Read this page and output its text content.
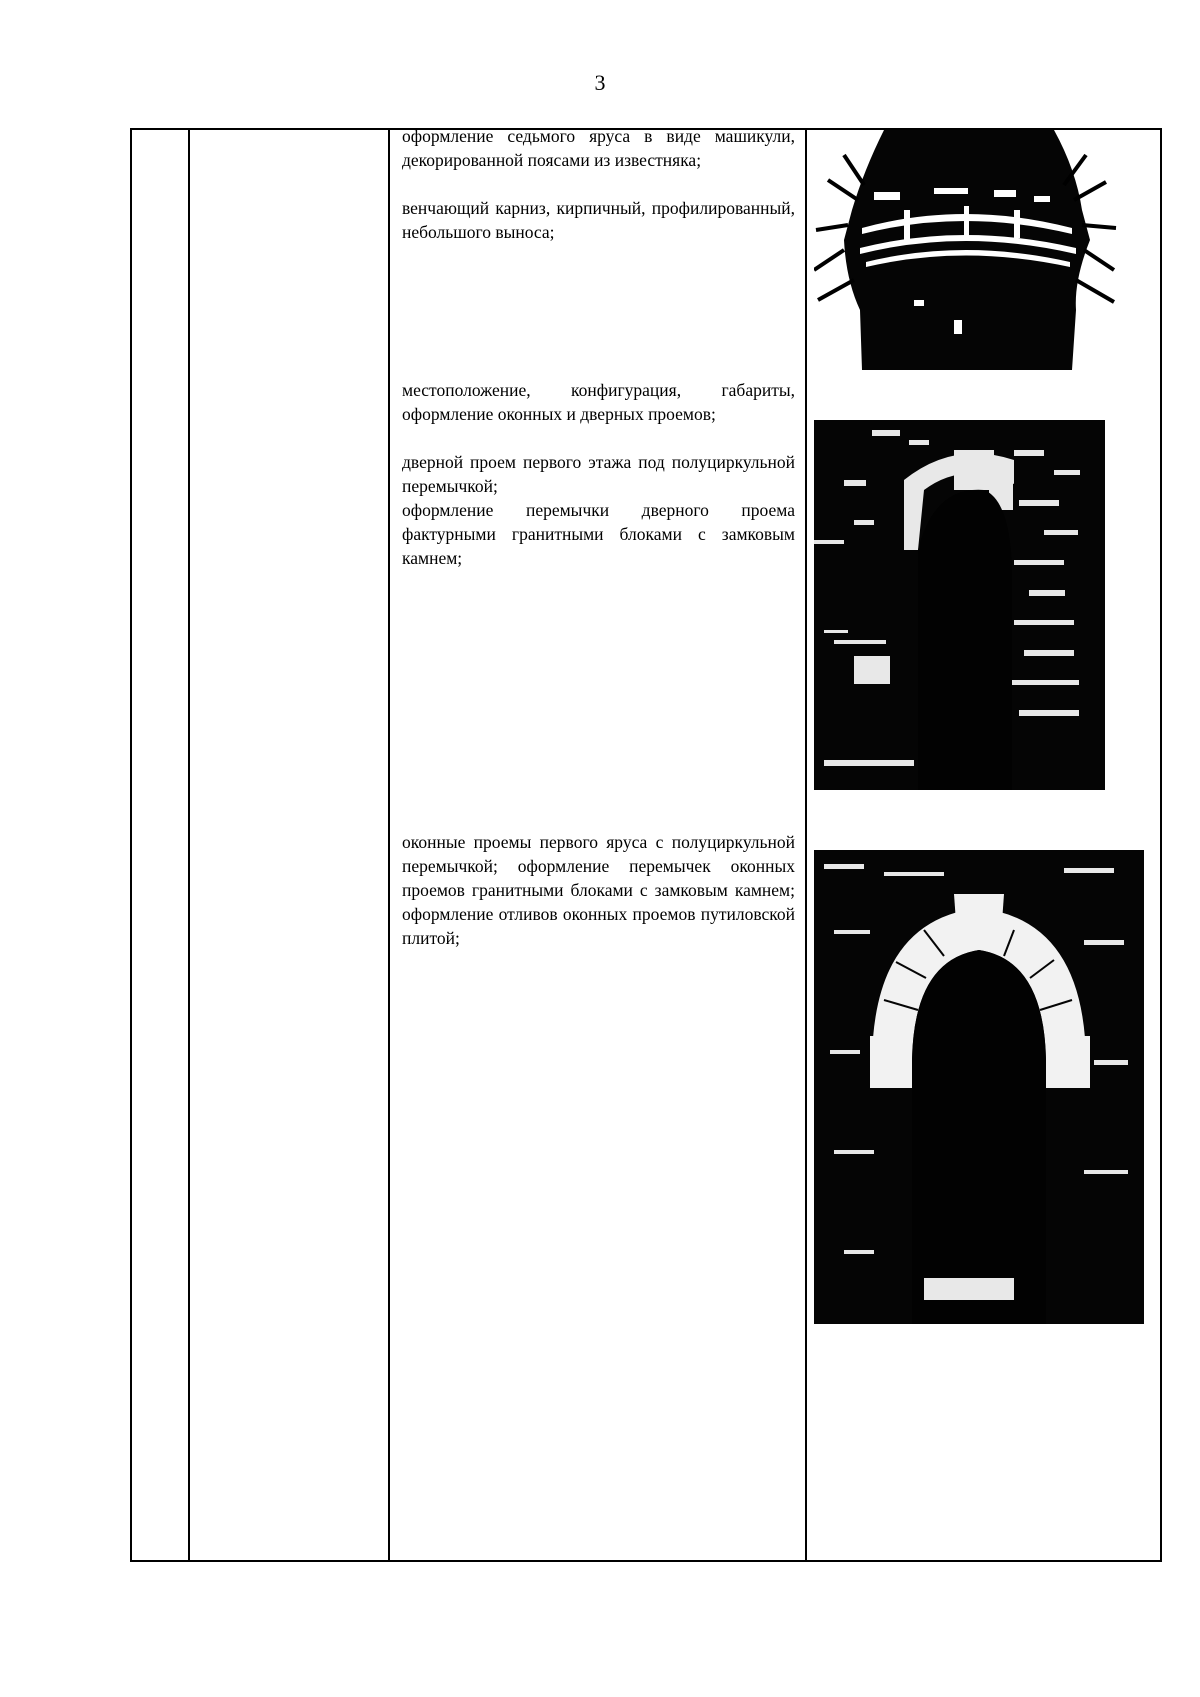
3

оформление седьмого яруса в виде машикули, декорированной поясами из известняка;

венчающий карниз, кирпичный, профилированный, небольшого выноса;

местоположение, конфигурация, габариты, оформление оконных и дверных проемов;

дверной проем первого этажа под полуциркульной перемычкой;

оформление перемычки дверного проема фактурными гранитными блоками с замковым камнем;

оконные проемы первого яруса с полуциркульной перемычкой; оформление перемычек оконных проемов гранитными блоками с замковым камнем; оформление отливов оконных проемов путиловской плитой;
